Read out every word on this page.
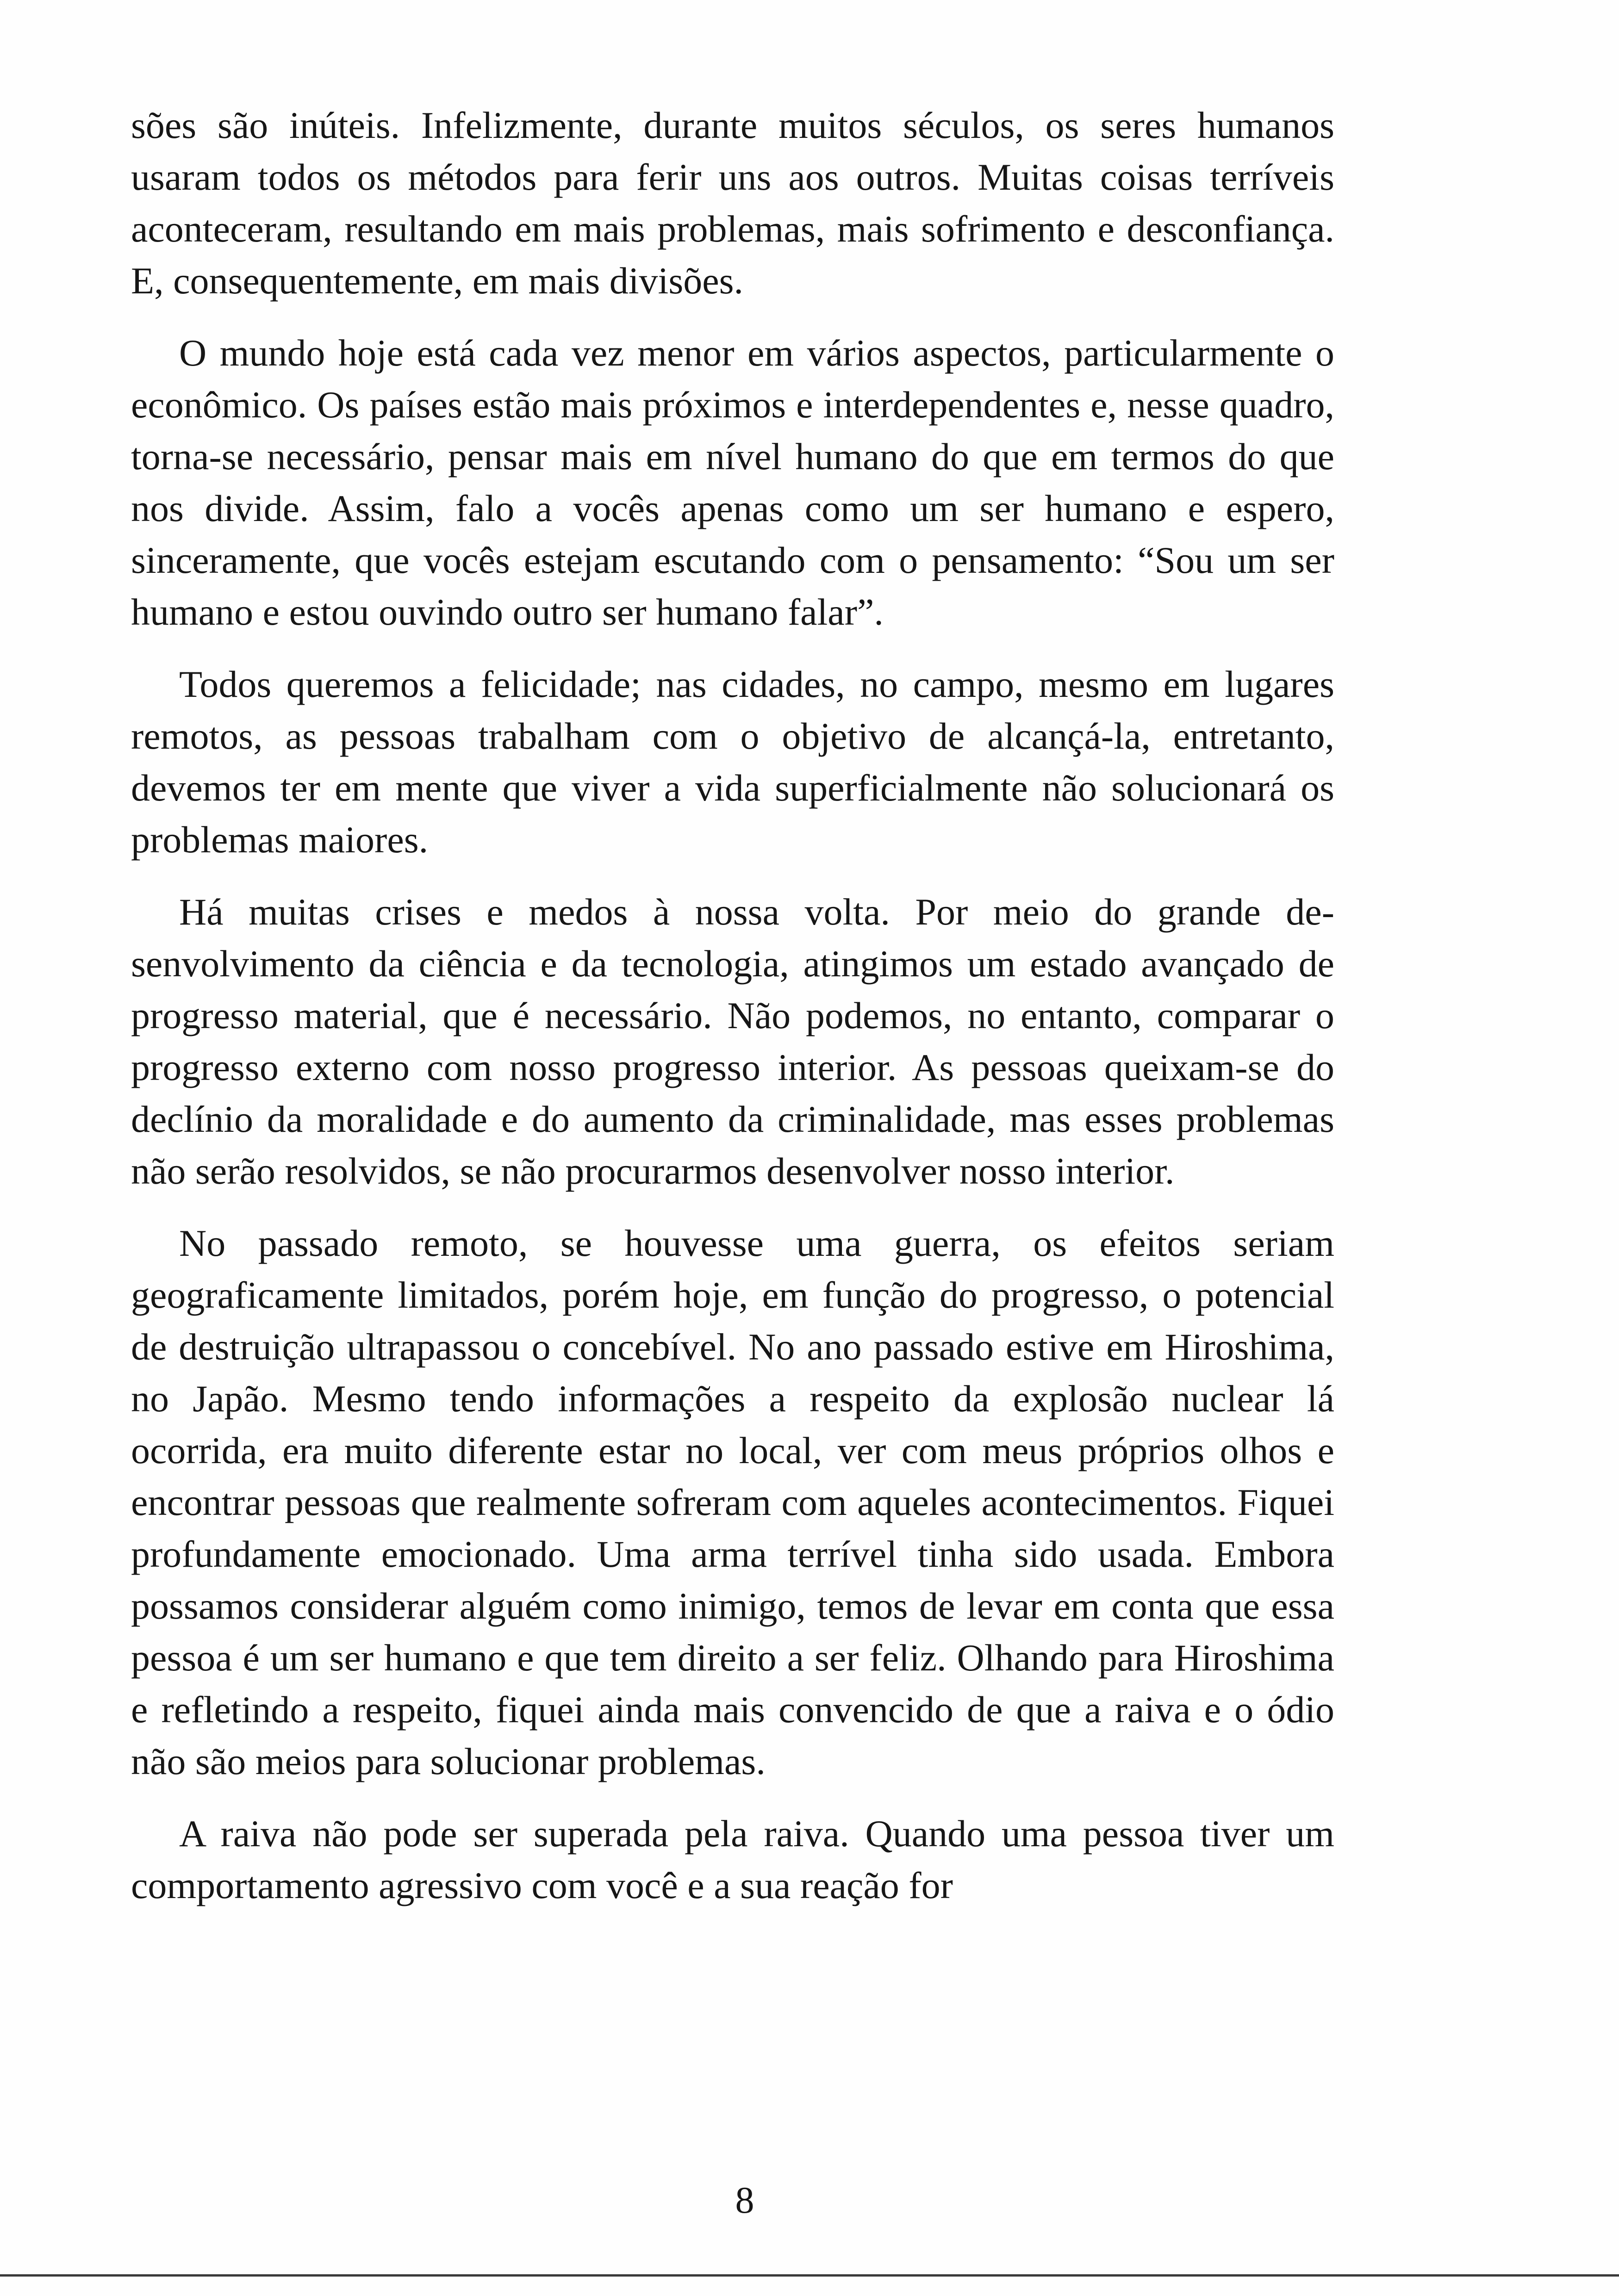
sões são inúteis. Infelizmente, durante muitos séculos, os seres humanos usaram todos os métodos para ferir uns aos outros. Muitas coisas terríveis aconteceram, resultando em mais problemas, mais sofrimento e desconfiança. E, consequentemente, em mais divisões.

O mundo hoje está cada vez menor em vários aspectos, particularmente o econômico. Os países estão mais próximos e interdependentes e, nesse quadro, torna-se necessário, pensar mais em nível humano do que em termos do que nos divide. Assim, falo a vocês apenas como um ser humano e espero, sinceramente, que vocês estejam escutando com o pensamento: “Sou um ser humano e estou ouvindo outro ser humano falar”.

Todos queremos a felicidade; nas cidades, no campo, mesmo em lugares remotos, as pessoas trabalham com o objetivo de alcançá-la, entretanto, devemos ter em mente que viver a vida superficialmente não solucionará os problemas maiores.

Há muitas crises e medos à nossa volta. Por meio do grande desenvolvimento da ciência e da tecnologia, atingimos um estado avançado de progresso material, que é necessário. Não podemos, no entanto, comparar o progresso externo com nosso progresso interior. As pessoas queixam-se do declínio da moralidade e do aumento da criminalidade, mas esses problemas não serão resolvidos, se não procurarmos desenvolver nosso interior.

No passado remoto, se houvesse uma guerra, os efeitos seriam geograficamente limitados, porém hoje, em função do progresso, o potencial de destruição ultrapassou o concebível. No ano passado estive em Hiroshima, no Japão. Mesmo tendo informações a respeito da explosão nuclear lá ocorrida, era muito diferente estar no local, ver com meus próprios olhos e encontrar pessoas que realmente sofreram com aqueles acontecimentos. Fiquei profundamente emocionado. Uma arma terrível tinha sido usada. Embora possamos considerar alguém como inimigo, temos de levar em conta que essa pessoa é um ser humano e que tem direito a ser feliz. Olhando para Hiroshima e refletindo a respeito, fiquei ainda mais convencido de que a raiva e o ódio não são meios para solucionar problemas.

A raiva não pode ser superada pela raiva. Quando uma pessoa tiver um comportamento agressivo com você e a sua reação for

8
